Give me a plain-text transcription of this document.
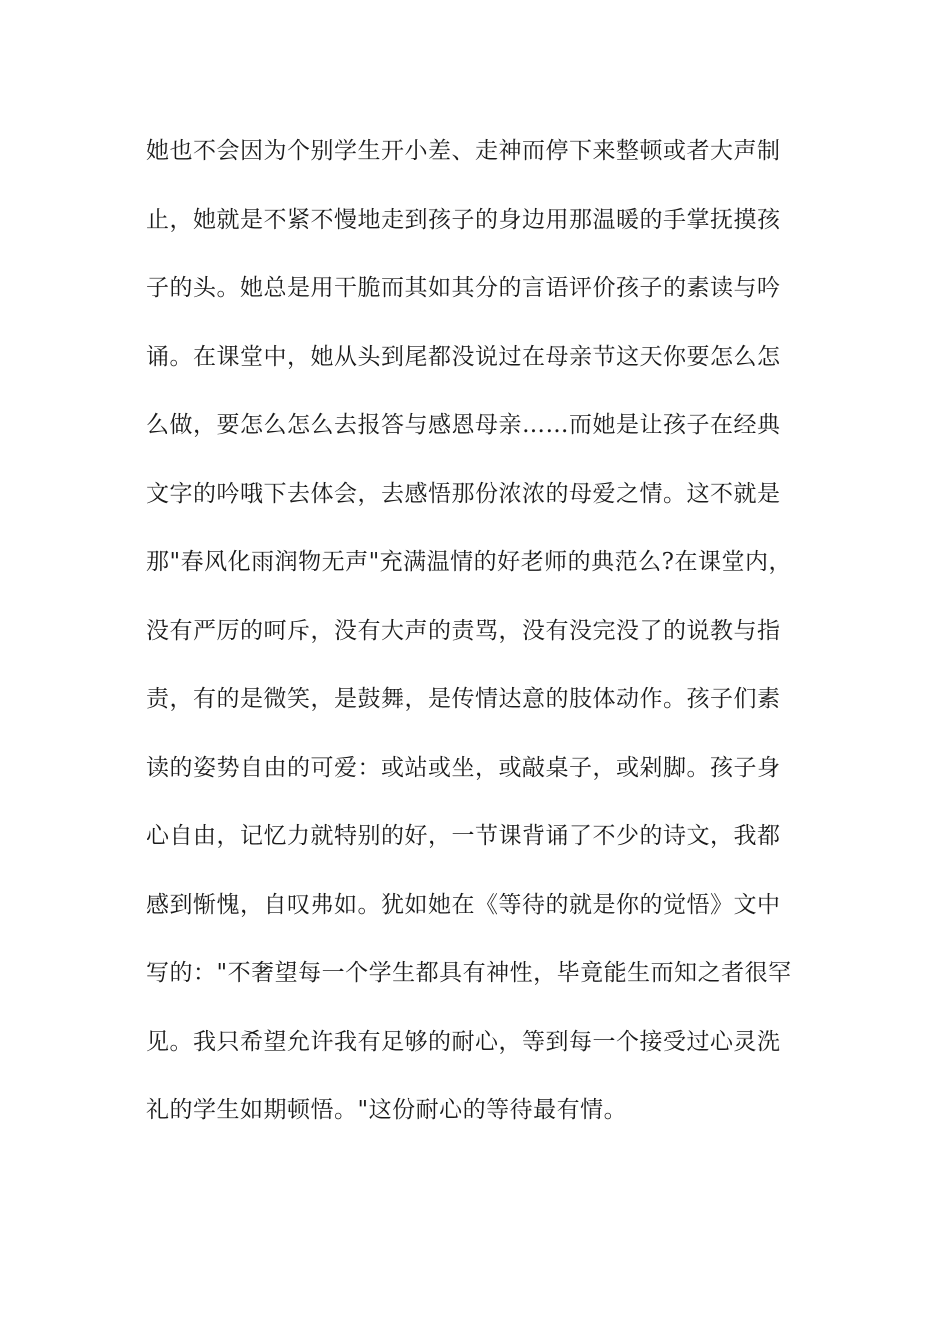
她也不会因为个别学生开小差、走神而停下来整顿或者大声制
止，她就是不紧不慢地走到孩子的身边用那温暖的手掌抚摸孩
子的头。她总是用干脆而其如其分的言语评价孩子的素读与吟
诵。在课堂中，她从头到尾都没说过在母亲节这天你要怎么怎
么做，要怎么怎么去报答与感恩母亲……而她是让孩子在经典
文字的吟哦下去体会，去感悟那份浓浓的母爱之情。这不就是
那"春风化雨润物无声"充满温情的好老师的典范么?在课堂内，
没有严厉的呵斥，没有大声的责骂，没有没完没了的说教与指
责，有的是微笑，是鼓舞，是传情达意的肢体动作。孩子们素
读的姿势自由的可爱：或站或坐，或敲桌子，或剁脚。孩子身
心自由，记忆力就特别的好，一节课背诵了不少的诗文，我都
感到惭愧，自叹弗如。犹如她在《等待的就是你的觉悟》文中
写的："不奢望每一个学生都具有神性，毕竟能生而知之者很罕
见。我只希望允许我有足够的耐心，等到每一个接受过心灵洗
礼的学生如期顿悟。"这份耐心的等待最有情。
